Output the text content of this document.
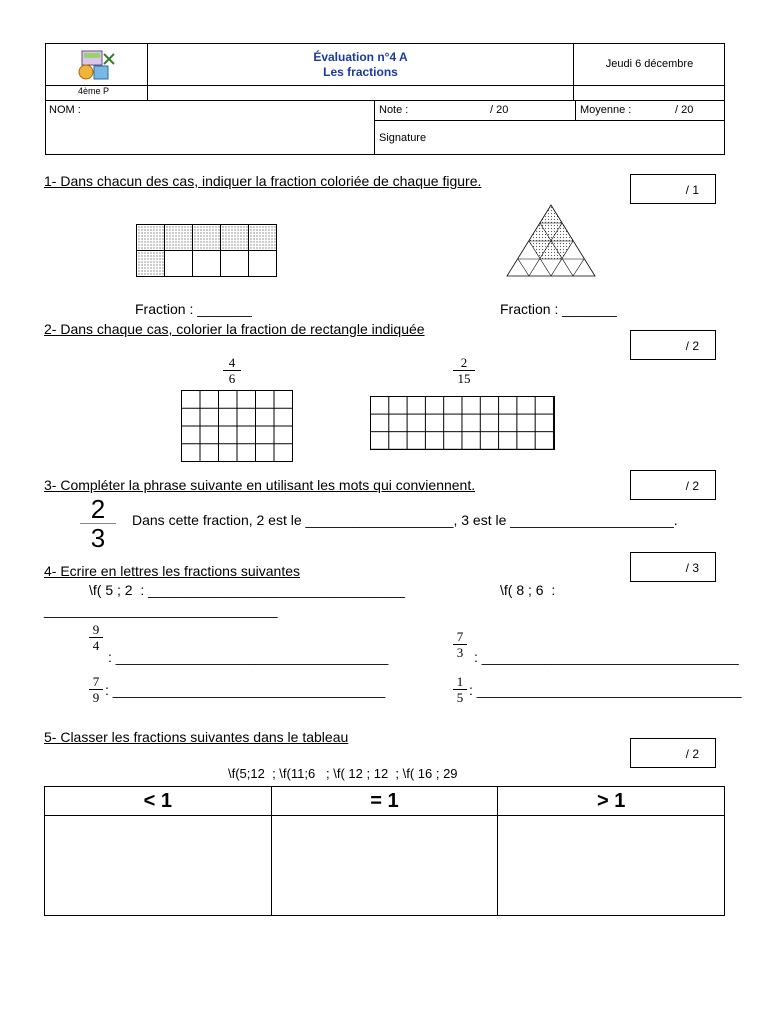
4ème P
Évaluation n°4 A
Les fractions
Jeudi 6 décembre
NOM :	Note :	/ 20	Moyenne :	/ 20
Signature
1- Dans chacun des cas, indiquer la fraction coloriée de chaque figure.
/ 1

Fraction : _______	Fraction : _______
2- Dans chaque cas, colorier la fraction de rectangle indiquée
/ 2
$\frac{4}{6}$	$\frac{2}{15}$
3- Compléter la phrase suivante en utilisant les mots qui conviennent.	/ 2
$\frac{2}{3}$ Dans cette fraction, 2 est le ___________________, 3 est le _____________________.
4- Ecrire en lettres les fractions suivantes	/ 3
\f( 5 ; 2  : _________________________________	\f( 8 ; 6  :
______________________________
$\frac{9}{4}$
: ___________________________________	$\frac{7}{3}$ : _________________________________
$\frac{7}{9}$ : ___________________________________	$\frac{1}{5}$ : __________________________________
5- Classer les fractions suivantes dans le tableau
/ 2
\f(5;12  ; \f(11;6   ; \f( 12 ; 12  ; \f( 16 ; 29
< 1	= 1	> 1
